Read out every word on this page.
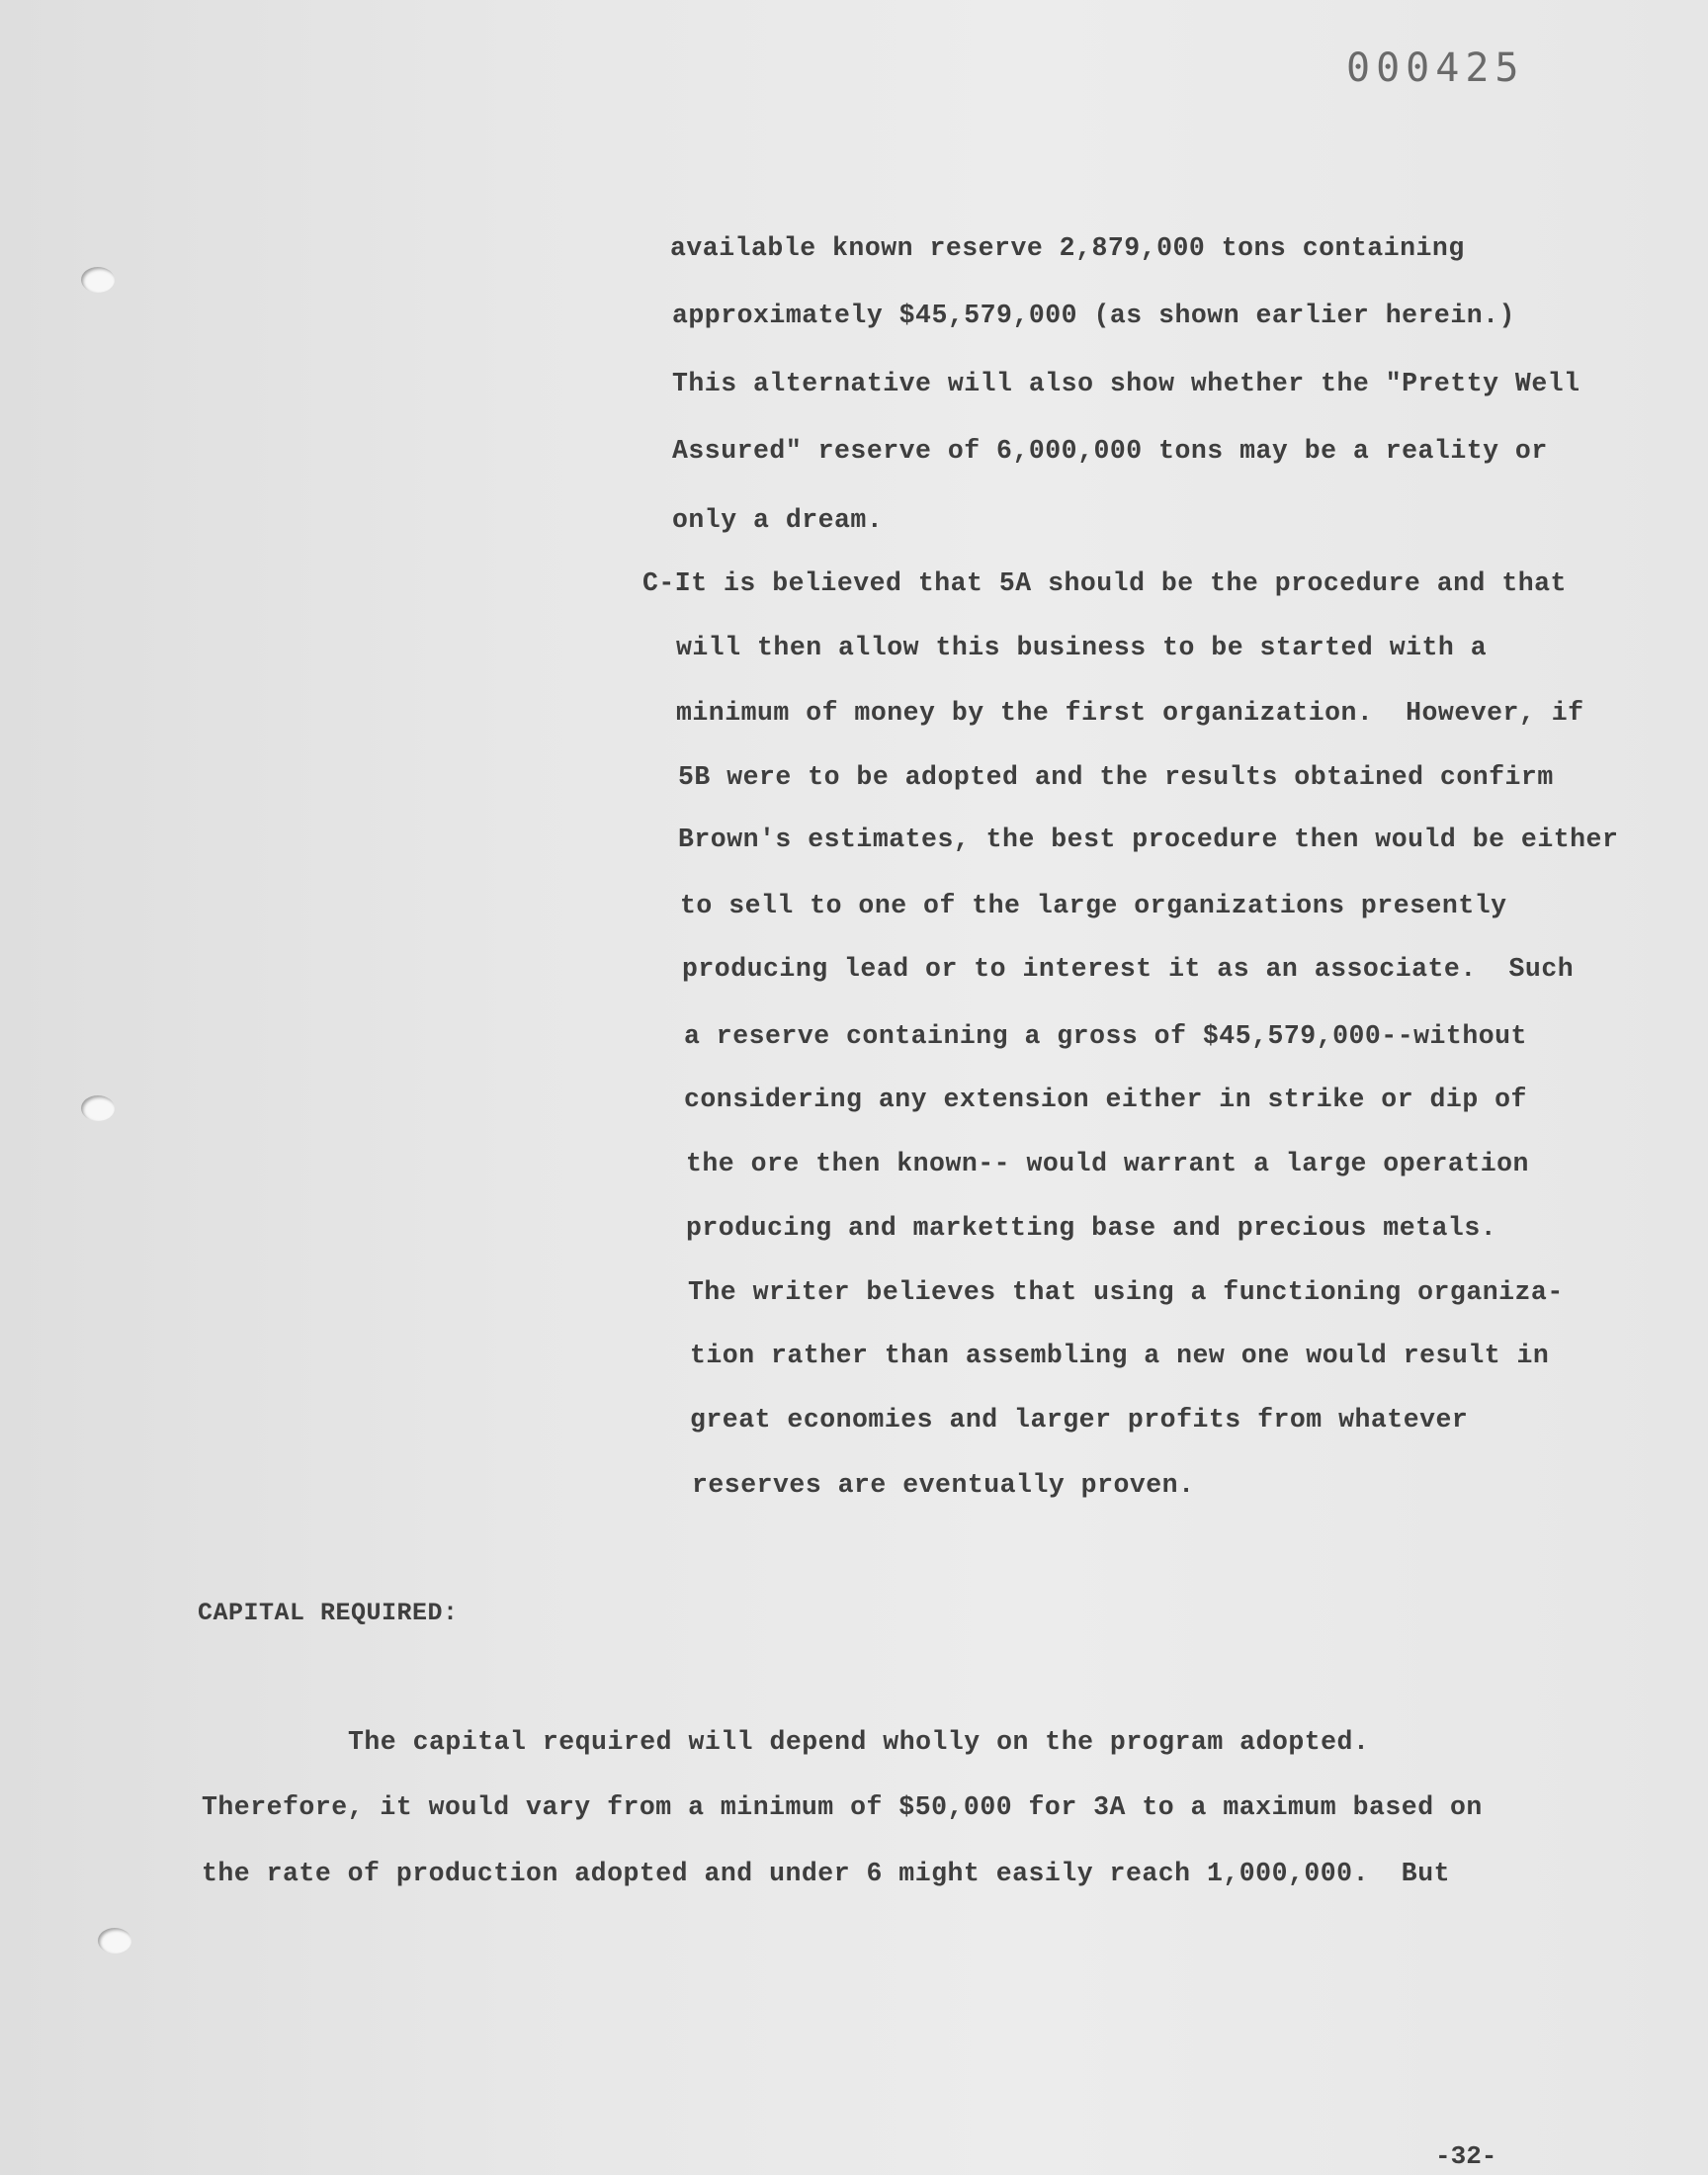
000425
available known reserve 2,879,000 tons containing
approximately $45,579,000 (as shown earlier herein.)
This alternative will also show whether the "Pretty Well
Assured" reserve of 6,000,000 tons may be a reality or
only a dream.
C-It is believed that 5A should be the procedure and that
will then allow this business to be started with a
minimum of money by the first organization.  However, if
5B were to be adopted and the results obtained confirm
Brown's estimates, the best procedure then would be either
to sell to one of the large organizations presently
producing lead or to interest it as an associate.  Such
a reserve containing a gross of $45,579,000--without
considering any extension either in strike or dip of
the ore then known-- would warrant a large operation
producing and marketting base and precious metals.
The writer believes that using a functioning organiza-
tion rather than assembling a new one would result in
great economies and larger profits from whatever
reserves are eventually proven.
CAPITAL REQUIRED:
The capital required will depend wholly on the program adopted.
Therefore, it would vary from a minimum of $50,000 for 3A to a maximum based on
the rate of production adopted and under 6 might easily reach 1,000,000.  But
-32-
